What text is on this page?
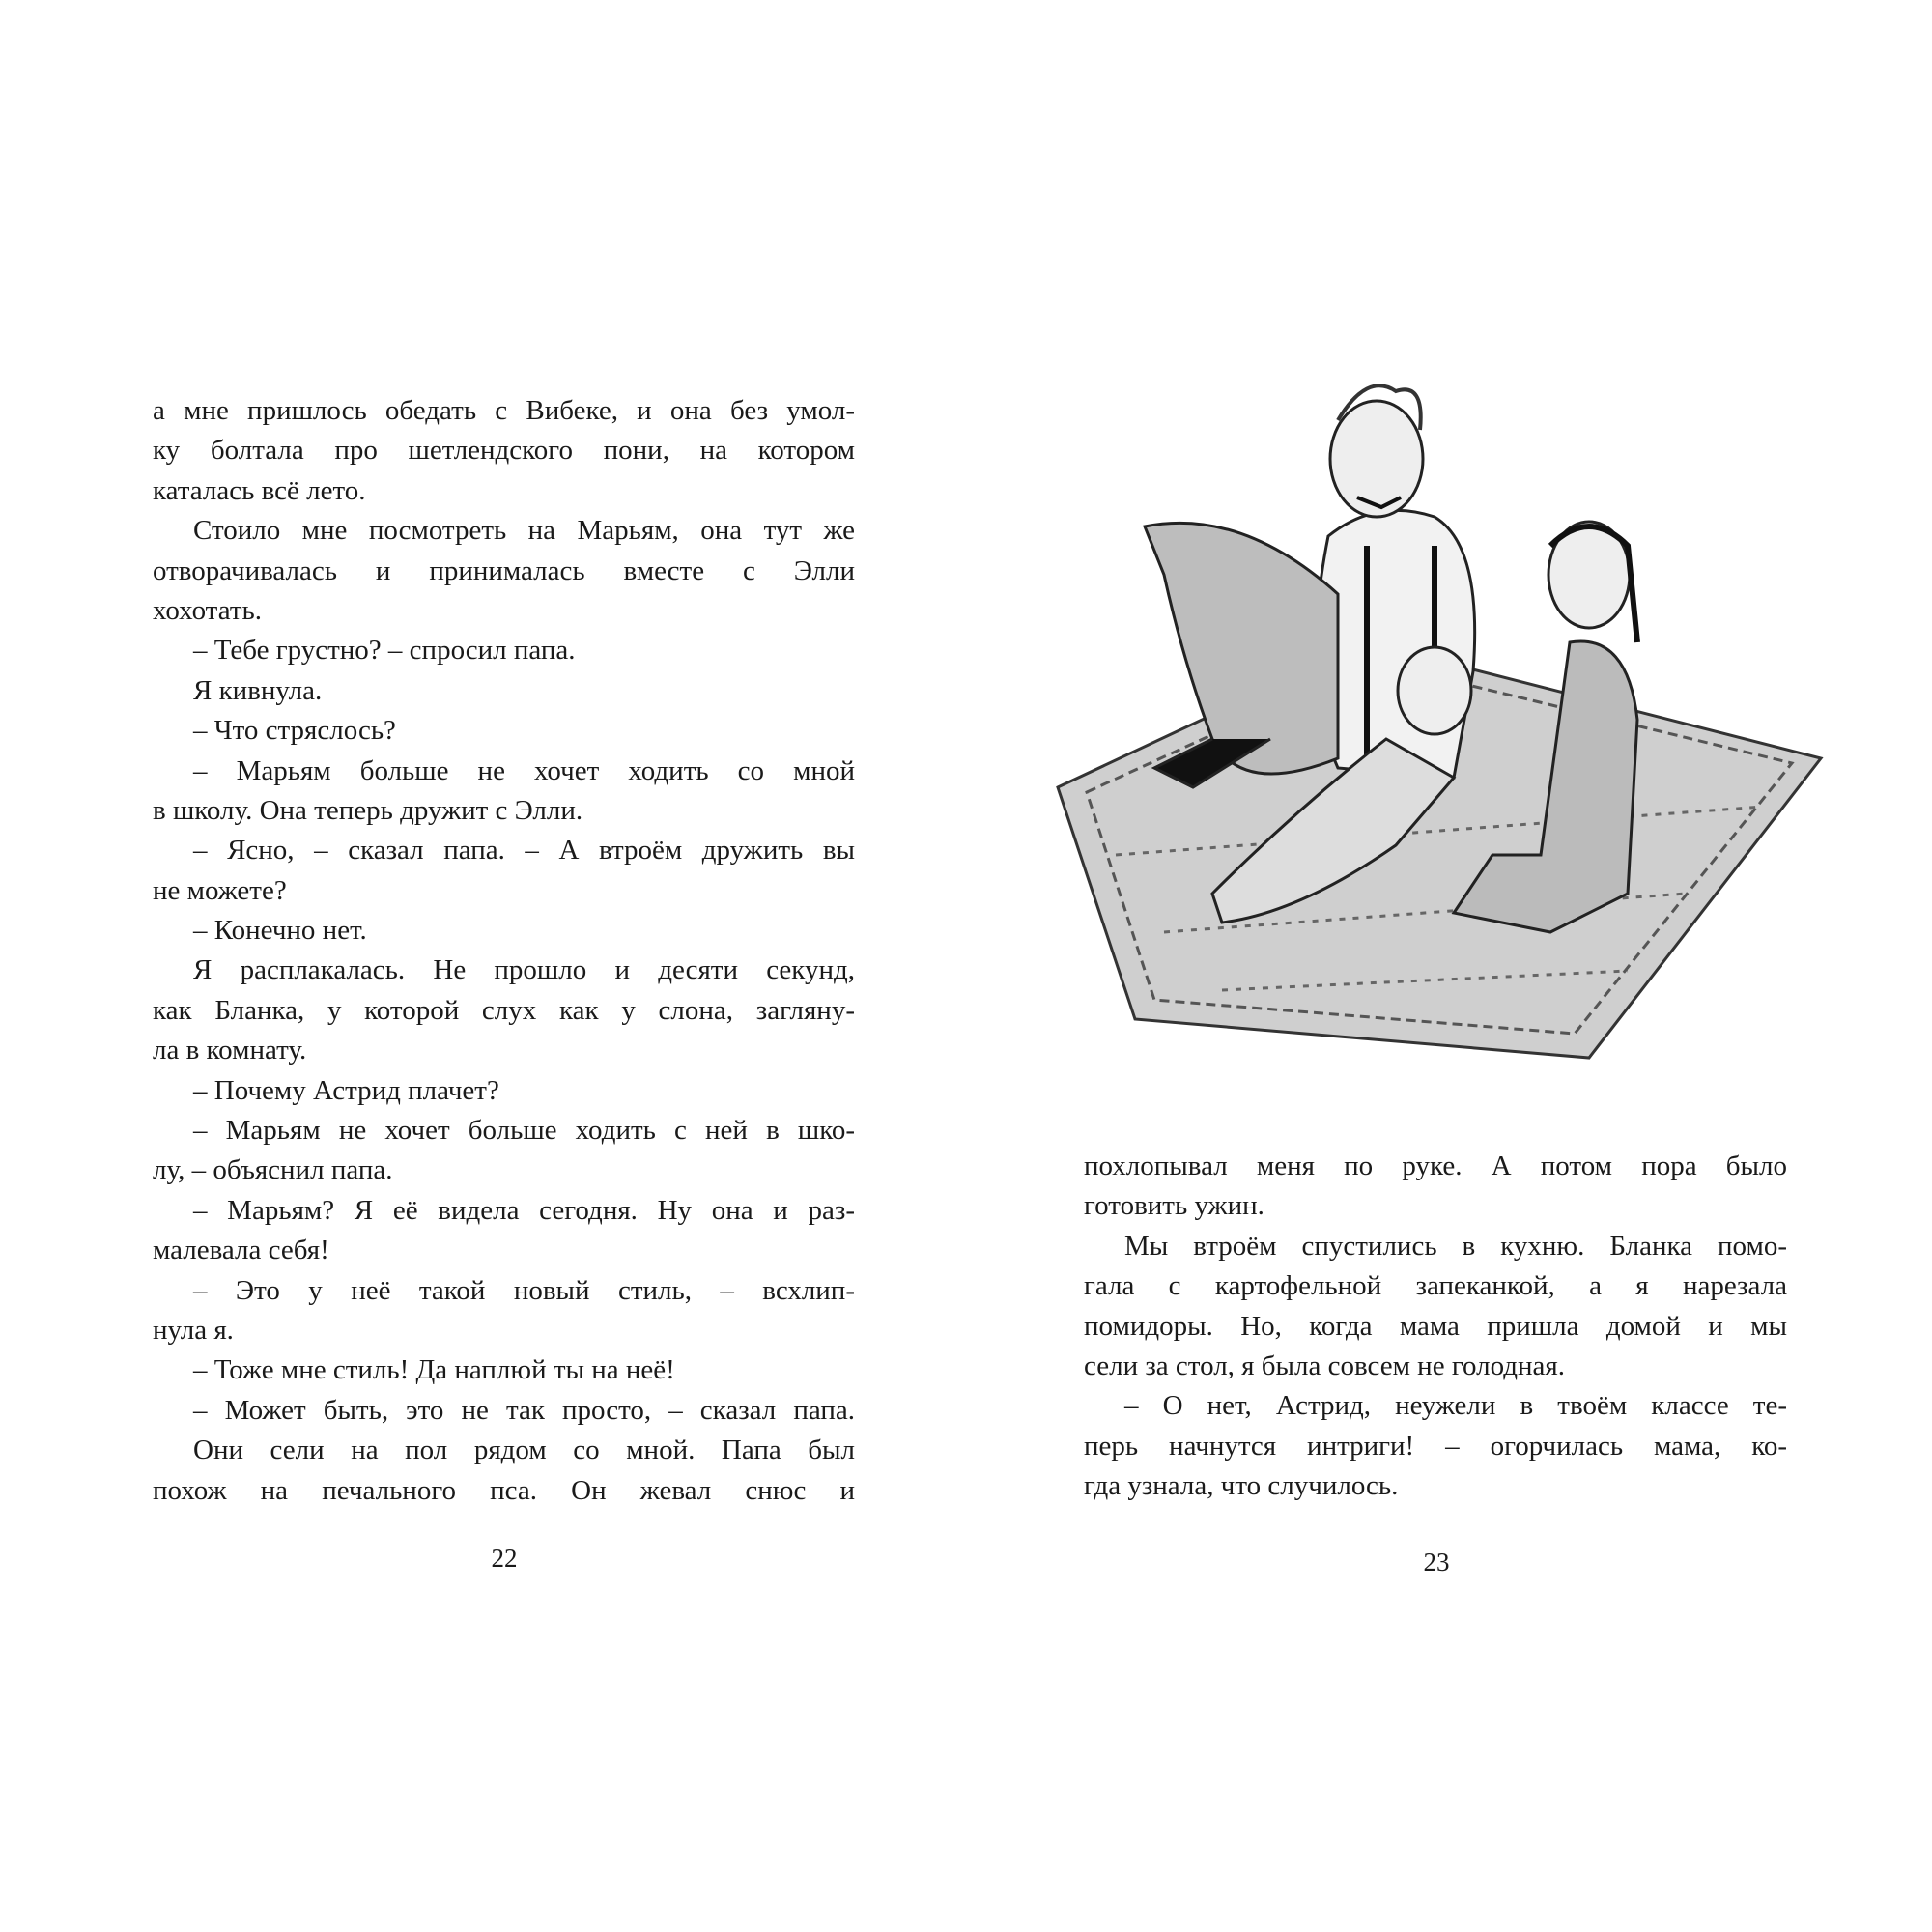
а мне пришлось обедать с Вибеке, и она без умол-
ку болтала про шетлендского пони, на котором
каталась всё лето.
Стоило мне посмотреть на Марьям, она тут же
отворачивалась и принималась вместе с Элли
хохотать.
– Тебе грустно? – спросил папа.
Я кивнула.
– Что стряслось?
– Марьям больше не хочет ходить со мной
в школу. Она теперь дружит с Элли.
– Ясно, – сказал папа. – А втроём дружить вы
не можете?
– Конечно нет.
Я расплакалась. Не прошло и десяти секунд,
как Бланка, у которой слух как у слона, загляну-
ла в комнату.
– Почему Астрид плачет?
– Марьям не хочет больше ходить с ней в шко-
лу, – объяснил папа.
– Марьям? Я её видела сегодня. Ну она и раз-
малевала себя!
– Это у неё такой новый стиль, – всхлип-
нула я.
– Тоже мне стиль! Да наплюй ты на неё!
– Может быть, это не так просто, – сказал папа.
Они сели на пол рядом со мной. Папа был
похож на печального пса. Он жевал снюс и
22
похлопывал меня по руке. А потом пора было
готовить ужин.
Мы втроём спустились в кухню. Бланка помо-
гала с картофельной запеканкой, а я нарезала
помидоры. Но, когда мама пришла домой и мы
сели за стол, я была совсем не голодная.
– О нет, Астрид, неужели в твоём классе те-
перь начнутся интриги! – огорчилась мама, ко-
гда узнала, что случилось.
23
